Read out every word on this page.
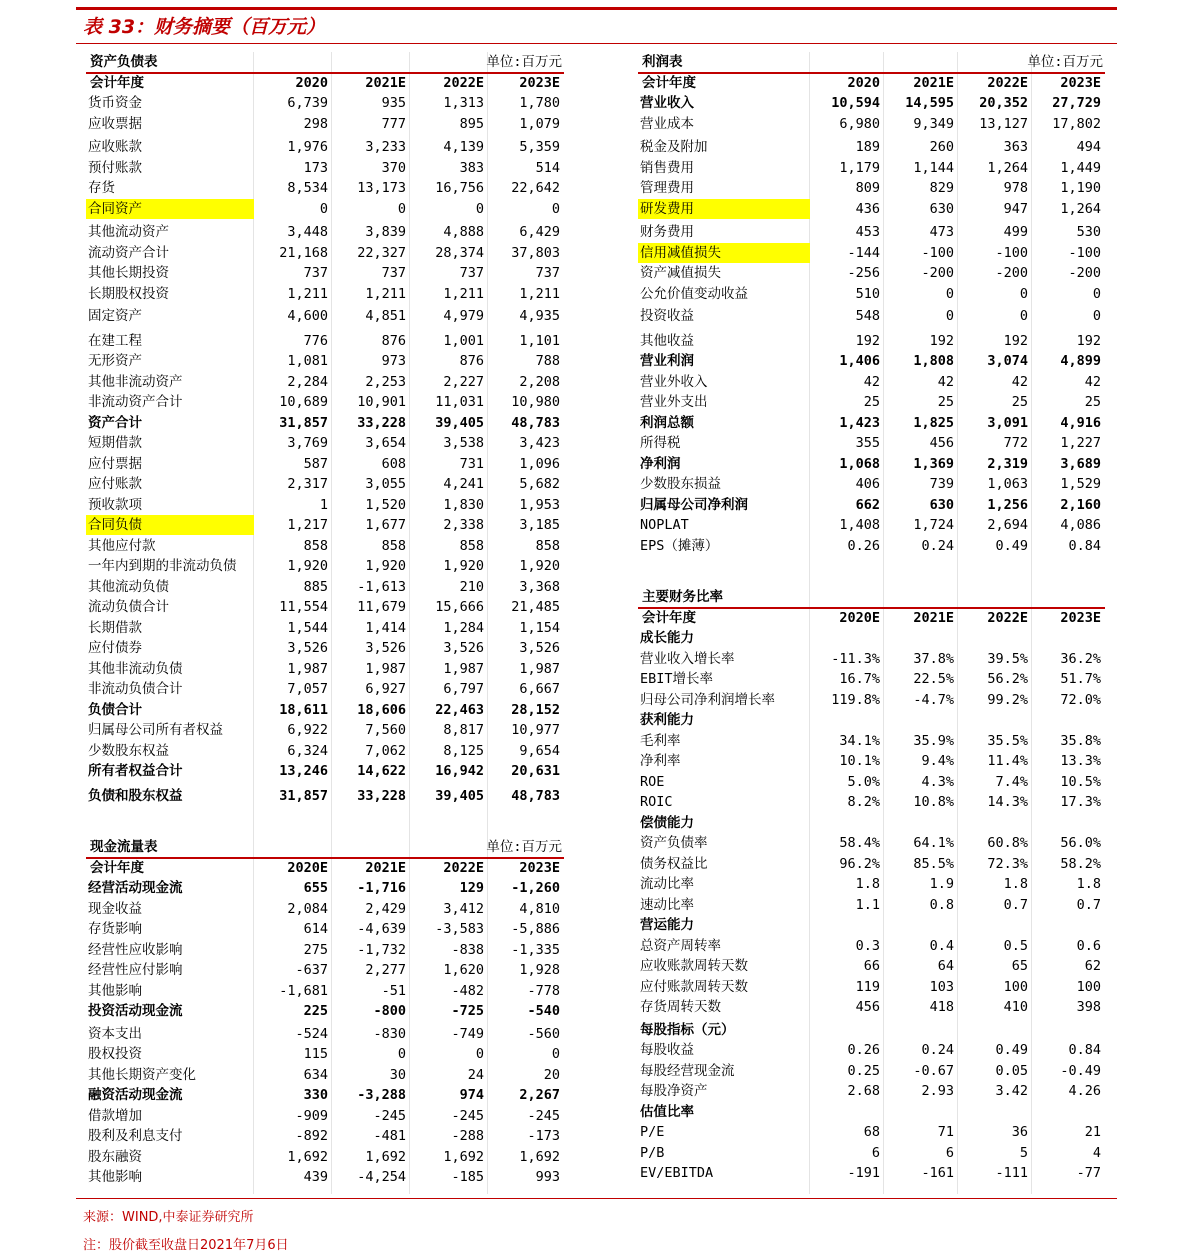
表 33：财务摘要（百万元）
资产负债表	单位:百万元
会计年度	2020	2021E	2022E	2023E
货币资金	6,739	935	1,313	1,780
应收票据	298	777	895	1,079
应收账款	1,976	3,233	4,139	5,359
预付账款	173	370	383	514
存货	8,534	13,173	16,756	22,642
合同资产	0	0	0	0
其他流动资产	3,448	3,839	4,888	6,429
流动资产合计	21,168	22,327	28,374	37,803
其他长期投资	737	737	737	737
长期股权投资	1,211	1,211	1,211	1,211
固定资产	4,600	4,851	4,979	4,935
在建工程	776	876	1,001	1,101
无形资产	1,081	973	876	788
其他非流动资产	2,284	2,253	2,227	2,208
非流动资产合计	10,689	10,901	11,031	10,980
资产合计	31,857	33,228	39,405	48,783
短期借款	3,769	3,654	3,538	3,423
应付票据	587	608	731	1,096
应付账款	2,317	3,055	4,241	5,682
预收款项	1	1,520	1,830	1,953
合同负债	1,217	1,677	2,338	3,185
其他应付款	858	858	858	858
一年内到期的非流动负债	1,920	1,920	1,920	1,920
其他流动负债	885	-1,613	210	3,368
流动负债合计	11,554	11,679	15,666	21,485
长期借款	1,544	1,414	1,284	1,154
应付债券	3,526	3,526	3,526	3,526
其他非流动负债	1,987	1,987	1,987	1,987
非流动负债合计	7,057	6,927	6,797	6,667
负债合计	18,611	18,606	22,463	28,152
归属母公司所有者权益	6,922	7,560	8,817	10,977
少数股东权益	6,324	7,062	8,125	9,654
所有者权益合计	13,246	14,622	16,942	20,631
负债和股东权益	31,857	33,228	39,405	48,783
现金流量表	单位:百万元
会计年度	2020E	2021E	2022E	2023E
经营活动现金流	655	-1,716	129	-1,260
现金收益	2,084	2,429	3,412	4,810
存货影响	614	-4,639	-3,583	-5,886
经营性应收影响	275	-1,732	-838	-1,335
经营性应付影响	-637	2,277	1,620	1,928
其他影响	-1,681	-51	-482	-778
投资活动现金流	225	-800	-725	-540
资本支出	-524	-830	-749	-560
股权投资	115	0	0	0
其他长期资产变化	634	30	24	20
融资活动现金流	330	-3,288	974	2,267
借款增加	-909	-245	-245	-245
股利及利息支付	-892	-481	-288	-173
股东融资	1,692	1,692	1,692	1,692
其他影响	439	-4,254	-185	993
利润表	单位:百万元
会计年度	2020	2021E	2022E	2023E
营业收入	10,594	14,595	20,352	27,729
营业成本	6,980	9,349	13,127	17,802
税金及附加	189	260	363	494
销售费用	1,179	1,144	1,264	1,449
管理费用	809	829	978	1,190
研发费用	436	630	947	1,264
财务费用	453	473	499	530
信用减值损失	-144	-100	-100	-100
资产减值损失	-256	-200	-200	-200
公允价值变动收益	510	0	0	0
投资收益	548	0	0	0
其他收益	192	192	192	192
营业利润	1,406	1,808	3,074	4,899
营业外收入	42	42	42	42
营业外支出	25	25	25	25
利润总额	1,423	1,825	3,091	4,916
所得税	355	456	772	1,227
净利润	1,068	1,369	2,319	3,689
少数股东损益	406	739	1,063	1,529
归属母公司净利润	662	630	1,256	2,160
NOPLAT	1,408	1,724	2,694	4,086
EPS（摊薄）	0.26	0.24	0.49	0.84
主要财务比率
会计年度	2020E	2021E	2022E	2023E
成长能力
营业收入增长率	-11.3%	37.8%	39.5%	36.2%
EBIT增长率	16.7%	22.5%	56.2%	51.7%
归母公司净利润增长率	119.8%	-4.7%	99.2%	72.0%
获利能力
毛利率	34.1%	35.9%	35.5%	35.8%
净利率	10.1%	9.4%	11.4%	13.3%
ROE	5.0%	4.3%	7.4%	10.5%
ROIC	8.2%	10.8%	14.3%	17.3%
偿债能力
资产负债率	58.4%	64.1%	60.8%	56.0%
债务权益比	96.2%	85.5%	72.3%	58.2%
流动比率	1.8	1.9	1.8	1.8
速动比率	1.1	0.8	0.7	0.7
营运能力
总资产周转率	0.3	0.4	0.5	0.6
应收账款周转天数	66	64	65	62
应付账款周转天数	119	103	100	100
存货周转天数	456	418	410	398
每股指标（元）
每股收益	0.26	0.24	0.49	0.84
每股经营现金流	0.25	-0.67	0.05	-0.49
每股净资产	2.68	2.93	3.42	4.26
估值比率
P/E	68	71	36	21
P/B	6	6	5	4
EV/EBITDA	-191	-161	-111	-77
来源：WIND,中泰证券研究所
注：股价截至收盘日2021年7月6日
